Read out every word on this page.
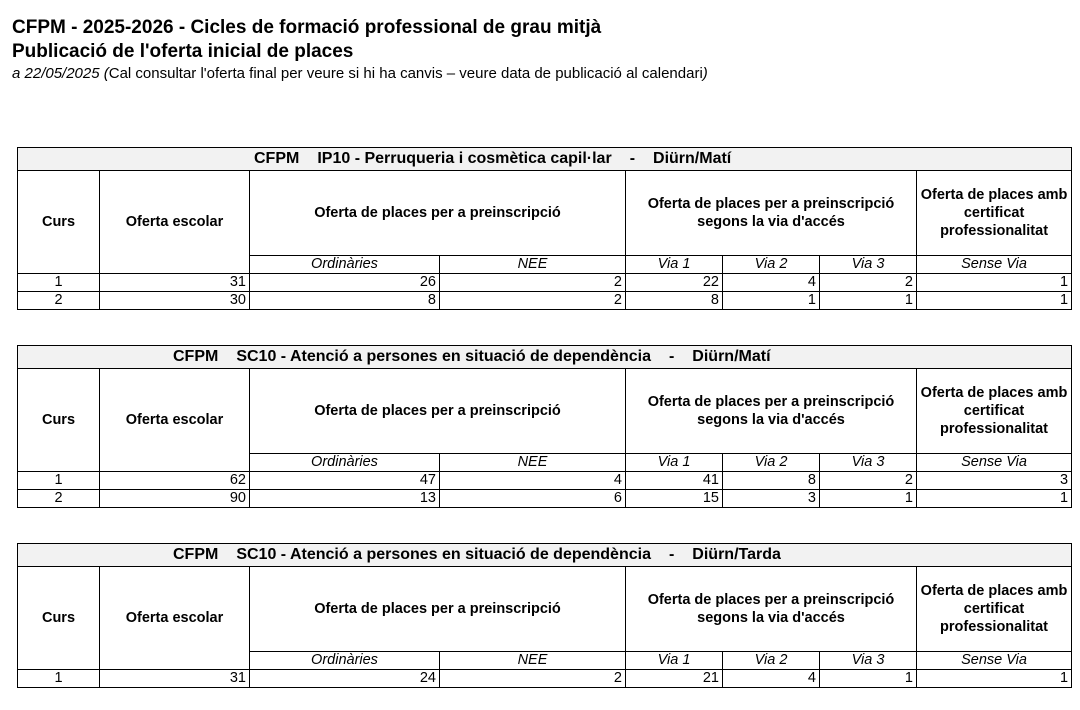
CFPM - 2025-2026 - Cicles de formació professional de grau mitjà
Publicació de l'oferta inicial de places
a 22/05/2025 (Cal consultar l'oferta final per veure si hi ha canvis – veure data de publicació al calendari)
CFPM IP10 - Perruqueria i cosmètica capil·lar - Diürn/Matí							
Curs	Oferta escolar	Oferta de places per a preinscripció		Oferta de places per a preinscripció segons la via d'accés			Oferta de places amb certificat professionalitat
		Ordinàries	NEE	Via 1	Via 2	Via 3	Sense Via
1	31	26	2	22	4	2	1
2	30	8	2	8	1	1	1
CFPM SC10 - Atenció a persones en situació de dependència - Diürn/Matí							
Curs	Oferta escolar	Oferta de places per a preinscripció		Oferta de places per a preinscripció segons la via d'accés			Oferta de places amb certificat professionalitat
		Ordinàries	NEE	Via 1	Via 2	Via 3	Sense Via
1	62	47	4	41	8	2	3
2	90	13	6	15	3	1	1
CFPM SC10 - Atenció a persones en situació de dependència - Diürn/Tarda							
Curs	Oferta escolar	Oferta de places per a preinscripció		Oferta de places per a preinscripció segons la via d'accés			Oferta de places amb certificat professionalitat
		Ordinàries	NEE	Via 1	Via 2	Via 3	Sense Via
1	31	24	2	21	4	1	1
